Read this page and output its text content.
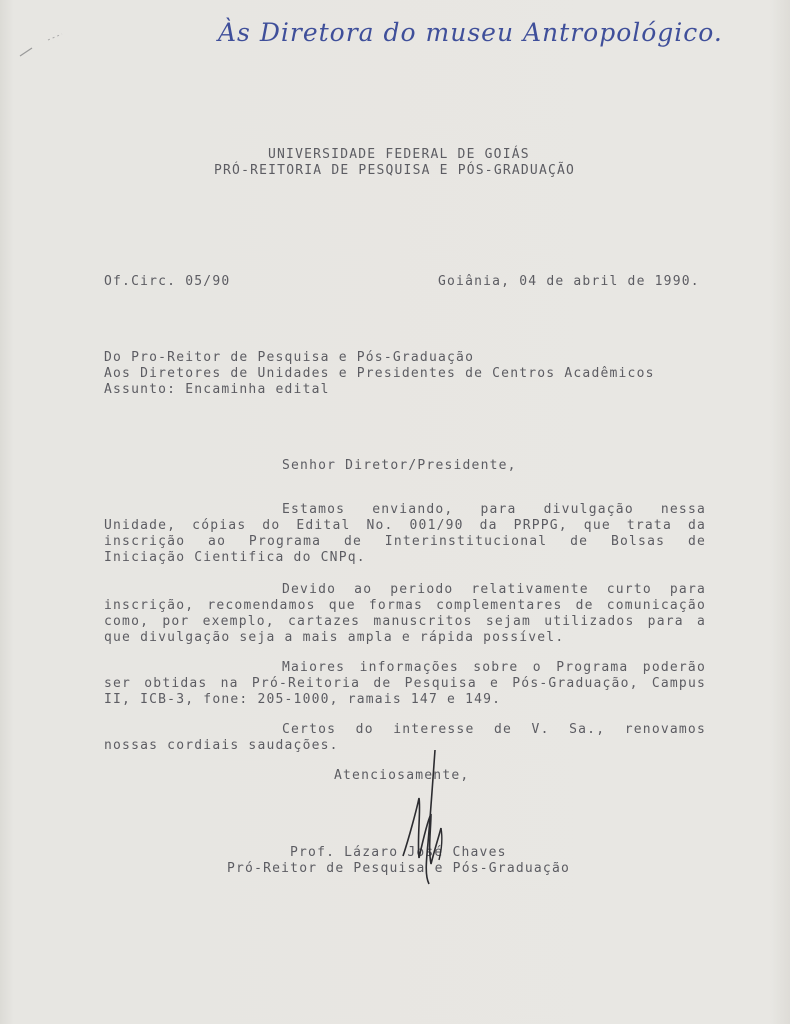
Às Diretora do museu Antropológico.
UNIVERSIDADE FEDERAL DE GOIÁS
PRÓ-REITORIA DE PESQUISA E PÓS-GRADUAÇÃO
Of.Circ. 05/90	Goiânia, 04 de abril de 1990.
Do Pro-Reitor de Pesquisa e Pós-Graduação
Aos Diretores de Unidades e Presidentes de Centros Acadêmicos
Assunto: Encaminha edital
Senhor Diretor/Presidente,
Estamos enviando, para divulgação nessa
Unidade, cópias do Edital No. 001/90 da PRPPG, que trata da
inscrição ao Programa de Interinstitucional de Bolsas de
Iniciação Cientifica do CNPq.
Devido ao periodo relativamente curto para
inscrição, recomendamos que formas complementares de comunicação
como, por exemplo, cartazes manuscritos sejam utilizados para a
que divulgação seja a mais ampla e rápida possível.
Maiores informações sobre o Programa poderão
ser obtidas na Pró-Reitoria de Pesquisa e Pós-Graduação, Campus
II, ICB-3, fone: 205-1000, ramais 147 e 149.
Certos do interesse de V. Sa., renovamos
nossas cordiais saudações.
Atenciosamente,
Prof. Lázaro José Chaves
Pró-Reitor de Pesquisa e Pós-Graduação
